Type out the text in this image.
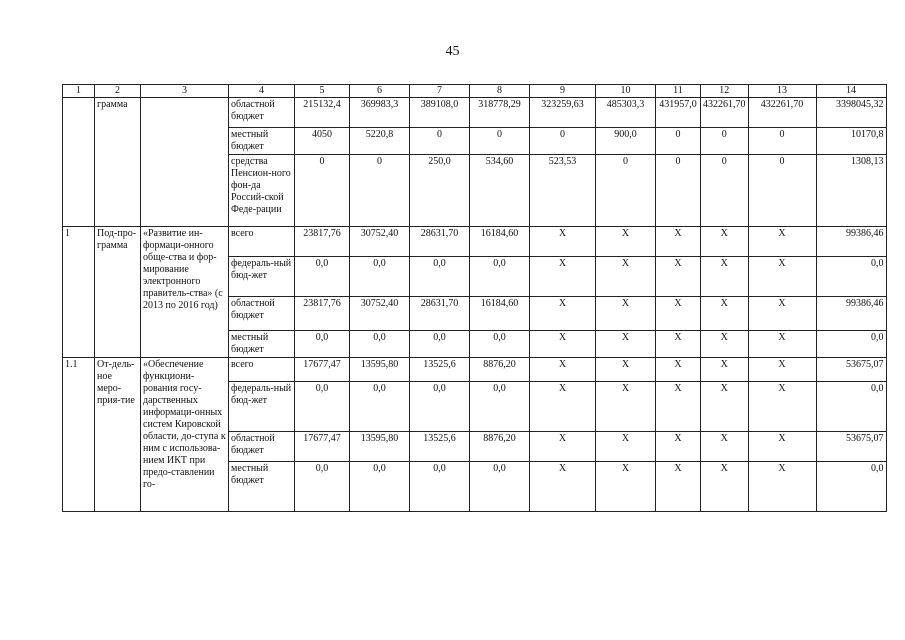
45
1	2	3	4	5	6	7	8	9	10	11	12	13	14
	грамма		областной бюджет	215132,4	369983,3	389108,0	318778,29	323259,63	485303,3	431957,0	432261,70	432261,70	3398045,32
			местный бюджет	4050	5220,8	0	0	0	900,0	0	0	0	10170,8
			средства Пенсион-ного фон-да Россий-ской Феде-рации	0	0	250,0	534,60	523,53	0	0	0	0	1308,13
1	Под-про-грамма	«Развитие ин-формаци-онного обще-ства и фор-мирование электронного правитель-ства» (с 2013 по 2016 год)	всего	23817,76	30752,40	28631,70	16184,60	X	X	X	X	X	99386,46
			федераль-ный бюд-жет	0,0	0,0	0,0	0,0	X	X	X	X	X	0,0
			областной бюджет	23817,76	30752,40	28631,70	16184,60	X	X	X	X	X	99386,46
			местный бюджет	0,0	0,0	0,0	0,0	X	X	X	X	X	0,0
1.1	От-дель-ное меро-прия-тие	«Обеспечение функциони-рования госу-дарственных информаци-онных систем Кировской области, до-ступа к ним с использова-нием ИКТ при предо-ставлении го-	всего	17677,47	13595,80	13525,6	8876,20	X	X	X	X	X	53675,07
			федераль-ный бюд-жет	0,0	0,0	0,0	0,0	X	X	X	X	X	0,0
			областной бюджет	17677,47	13595,80	13525,6	8876,20	X	X	X	X	X	53675,07
			местный бюджет	0,0	0,0	0,0	0,0	X	X	X	X	X	0,0
